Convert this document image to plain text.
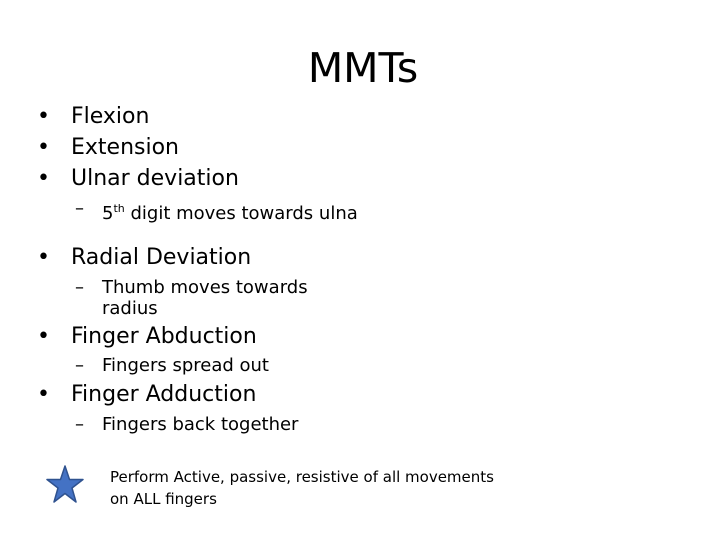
MMTs
• Flexion
• Extension
• Ulnar deviation
– 5th digit moves towards ulna
• Radial Deviation
– Thumb moves towards radius
• Finger Abduction
– Fingers spread out
• Finger Adduction
– Fingers back together
Perform Active, passive, resistive of all movements on ALL fingers
